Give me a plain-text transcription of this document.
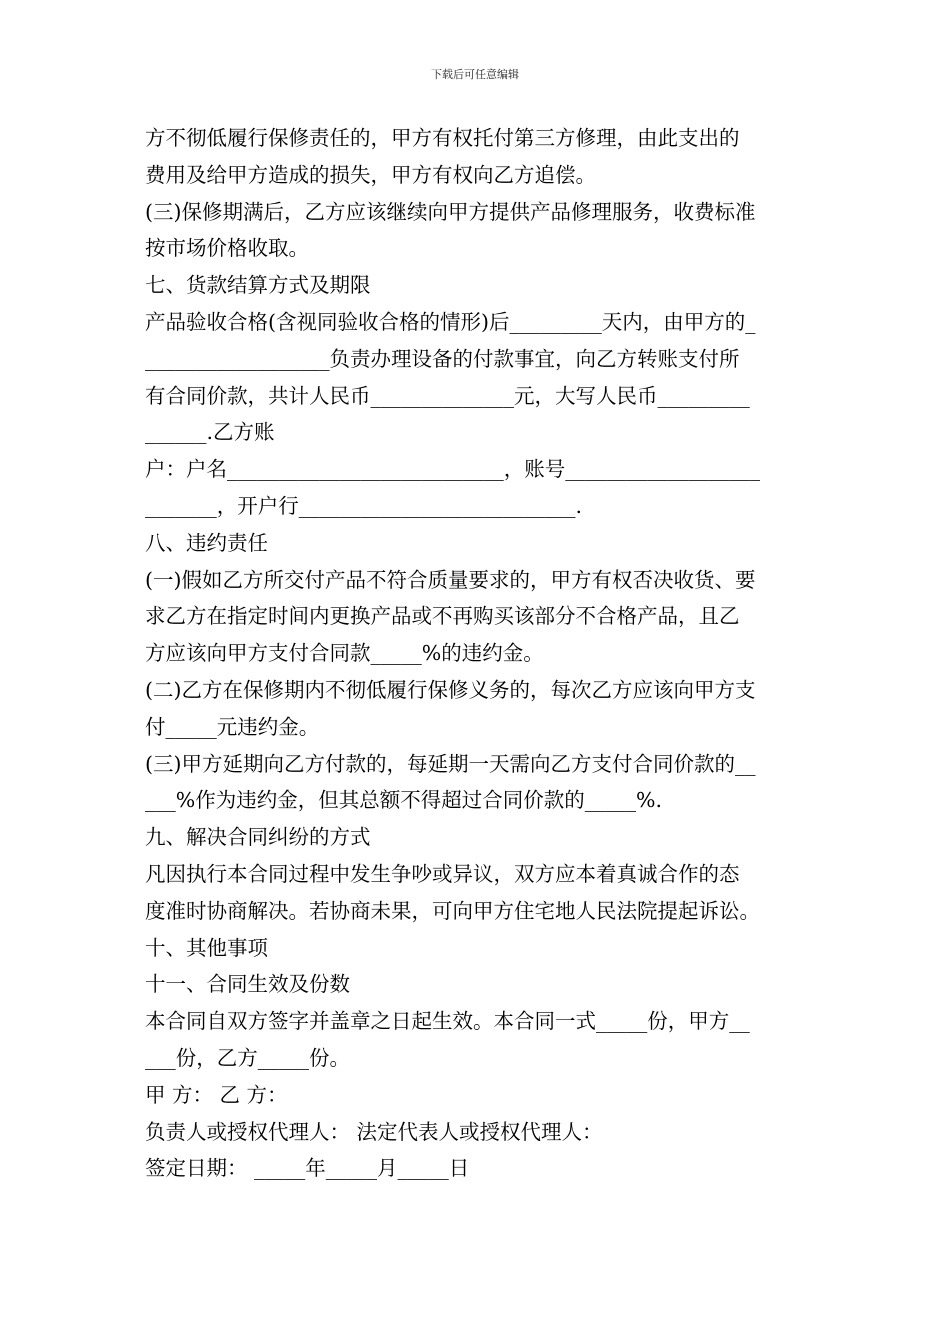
下载后可任意编辑
方不彻低履行保修责任的，甲方有权托付第三方修理，由此支出的
费用及给甲方造成的损失，甲方有权向乙方追偿。
(三)保修期满后，乙方应该继续向甲方提供产品修理服务，收费标准
按市场价格收取。
七、货款结算方式及期限
产品验收合格(含视同验收合格的情形)后_________天内，由甲方的_
__________________负责办理设备的付款事宜，向乙方转账支付所
有合同价款，共计人民币______________元，大写人民币_________
______.乙方账
户：户名___________________________，账号___________________
_______，开户行___________________________.
八、违约责任
(一)假如乙方所交付产品不符合质量要求的，甲方有权否决收货、要
求乙方在指定时间内更换产品或不再购买该部分不合格产品，且乙
方应该向甲方支付合同款_____%的违约金。
(二)乙方在保修期内不彻低履行保修义务的，每次乙方应该向甲方支
付_____元违约金。
(三)甲方延期向乙方付款的，每延期一天需向乙方支付合同价款的__
___%作为违约金，但其总额不得超过合同价款的_____%.
九、解决合同纠纷的方式
凡因执行本合同过程中发生争吵或异议，双方应本着真诚合作的态
度准时协商解决。若协商未果，可向甲方住宅地人民法院提起诉讼。
十、其他事项
十一、合同生效及份数
本合同自双方签字并盖章之日起生效。本合同一式_____份，甲方__
___份，乙方_____份。
甲 方： 乙 方：
负责人或授权代理人： 法定代表人或授权代理人：
签定日期： _____年_____月_____日
